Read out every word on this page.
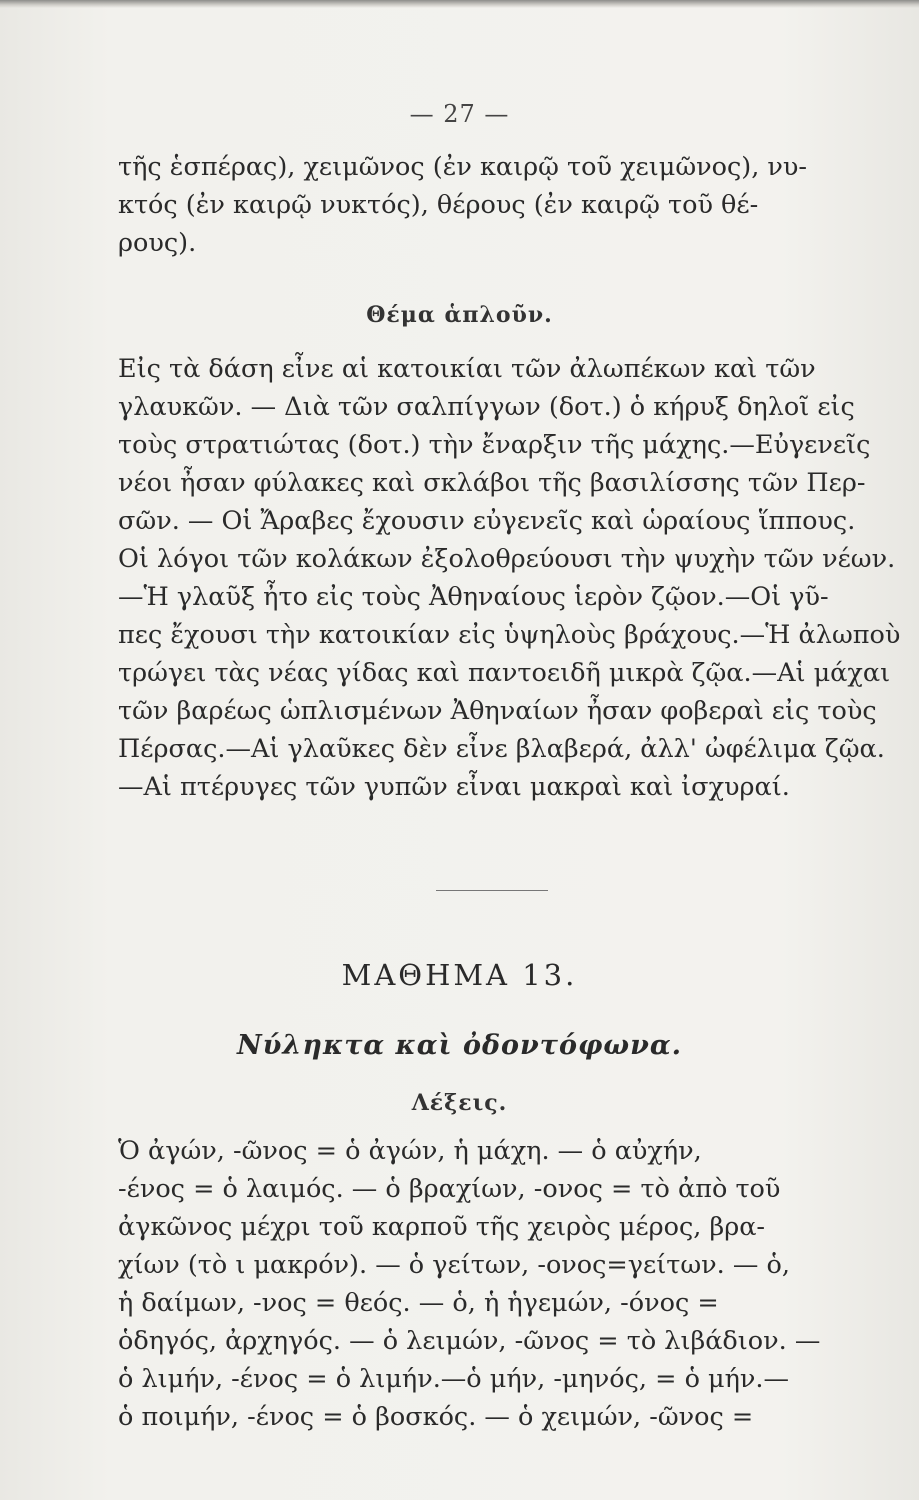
— 27 —
τῆς ἑσπέρας), χειμῶνος (ἐν καιρῷ τοῦ χειμῶνος), νυ-
κτός (ἐν καιρῷ νυκτός), θέρους (ἐν καιρῷ τοῦ θέ-
ρους).
Θέμα ἁπλοῦν.
Εἰς τὰ δάση εἶνε αἱ κατοικίαι τῶν ἀλωπέκων καὶ τῶν
γλαυκῶν. — Διὰ τῶν σαλπίγγων (δοτ.) ὁ κήρυξ δηλοῖ εἰς
τοὺς στρατιώτας (δοτ.) τὴν ἔναρξιν τῆς μάχης.—Εὐγενεῖς
νέοι ἦσαν φύλακες καὶ σκλάβοι τῆς βασιλίσσης τῶν Περ-
σῶν. — Οἱ Ἄραβες ἔχουσιν εὐγενεῖς καὶ ὡραίους ἵππους.
Οἱ λόγοι τῶν κολάκων ἐξολοθρεύουσι τὴν ψυχὴν τῶν νέων.
—Ἡ γλαῦξ ἦτο εἰς τοὺς Ἀθηναίους ἱερὸν ζῷον.—Οἱ γῦ-
πες ἔχουσι τὴν κατοικίαν εἰς ὑψηλοὺς βράχους.—Ἡ ἀλωποὺ
τρώγει τὰς νέας γίδας καὶ παντοειδῆ μικρὰ ζῷα.—Αἱ μάχαι
τῶν βαρέως ὡπλισμένων Ἀθηναίων ἦσαν φοβεραὶ εἰς τοὺς
Πέρσας.—Αἱ γλαῦκες δὲν εἶνε βλαβερά, ἀλλ' ὠφέλιμα ζῷα.
—Αἱ πτέρυγες τῶν γυπῶν εἶναι μακραὶ καὶ ἰσχυραί.
ΜΑΘΗΜΑ 13.
Νύληκτα καὶ ὀδοντόφωνα.
Λέξεις.
Ὁ ἀγών, -ῶνος = ὁ ἀγών, ἡ μάχη. — ὁ αὐχήν,
-ένος = ὁ λαιμός. — ὁ βραχίων, -ονος = τὸ ἀπὸ τοῦ
ἀγκῶνος μέχρι τοῦ καρποῦ τῆς χειρὸς μέρος, βρα-
χίων (τὸ ι μακρόν). — ὁ γείτων, -ονος=γείτων. — ὁ,
ἡ δαίμων, -νος = θεός. — ὁ, ἡ ἡγεμών, -όνος =
ὁδηγός, ἀρχηγός. — ὁ λειμών, -ῶνος = τὸ λιβάδιον. —
ὁ λιμήν, -ένος = ὁ λιμήν.—ὁ μήν, -μηνός, = ὁ μήν.—
ὁ ποιμήν, -ένος = ὁ βοσκός. — ὁ χειμών, -ῶνος =
